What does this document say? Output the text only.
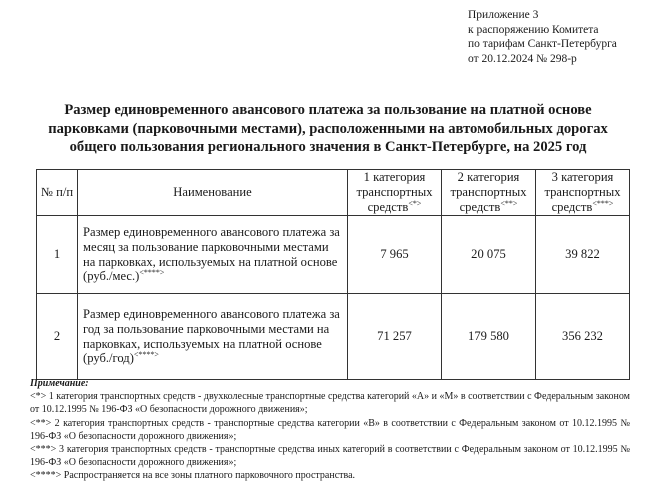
Приложение 3
к распоряжению Комитета
по тарифам Санкт-Петербурга
от 20.12.2024 № 298-р
Размер единовременного авансового платежа за пользование на платной основе парковками (парковочными местами), расположенными на автомобильных дорогах общего пользования регионального значения в Санкт-Петербурге, на 2025 год
№ п/п	Наименование	1 категория транспортных средств<*>	2 категория транспортных средств<**>	3 категория транспортных средств<***>
1	Размер единовременного авансового платежа за месяц за пользование парковочными местами на парковках, используемых на платной основе (руб./мес.)<****>	7 965	20 075	39 822
2	Размер единовременного авансового платежа за год за пользование парковочными местами на парковках, используемых на платной основе (руб./год)<****>	71 257	179 580	356 232

Примечание:

<*> 1 категория транспортных средств - двухколесные транспортные средства категорий «А» и «М» в соответствии с Федеральным законом от 10.12.1995 № 196-ФЗ «О безопасности дорожного движения»;

<**> 2 категория транспортных средств - транспортные средства категории «В» в соответствии с Федеральным законом от 10.12.1995 № 196-ФЗ «О безопасности дорожного движения»;

<***> 3 категория транспортных средств - транспортные средства иных категорий в соответствии с Федеральным законом от 10.12.1995 № 196-ФЗ «О безопасности дорожного движения»;

<****> Распространяется на все зоны платного парковочного пространства.
